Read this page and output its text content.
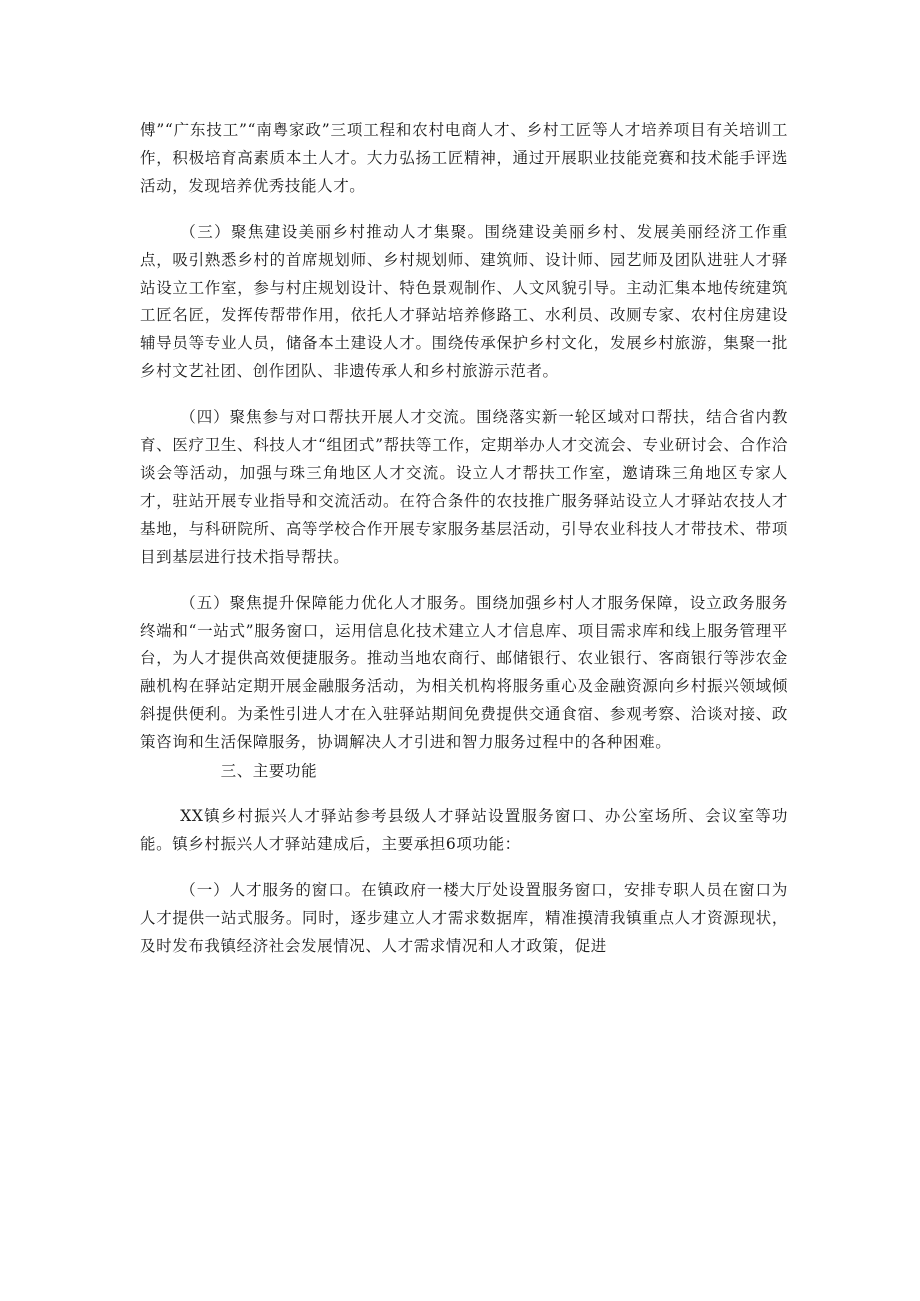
傅”“广东技工”“南粤家政”三项工程和农村电商人才、乡村工匠等人才培养项目有关培训工作，积极培育高素质本土人才。大力弘扬工匠精神，通过开展职业技能竞赛和技术能手评选活动，发现培养优秀技能人才。

（三）聚焦建设美丽乡村推动人才集聚。围绕建设美丽乡村、发展美丽经济工作重点，吸引熟悉乡村的首席规划师、乡村规划师、建筑师、设计师、园艺师及团队进驻人才驿站设立工作室，参与村庄规划设计、特色景观制作、人文风貌引导。主动汇集本地传统建筑工匠名匠，发挥传帮带作用，依托人才驿站培养修路工、水利员、改厕专家、农村住房建设辅导员等专业人员，储备本土建设人才。围绕传承保护乡村文化，发展乡村旅游，集聚一批乡村文艺社团、创作团队、非遗传承人和乡村旅游示范者。

（四）聚焦参与对口帮扶开展人才交流。围绕落实新一轮区域对口帮扶，结合省内教育、医疗卫生、科技人才“组团式”帮扶等工作，定期举办人才交流会、专业研讨会、合作洽谈会等活动，加强与珠三角地区人才交流。设立人才帮扶工作室，邀请珠三角地区专家人才，驻站开展专业指导和交流活动。在符合条件的农技推广服务驿站设立人才驿站农技人才基地，与科研院所、高等学校合作开展专家服务基层活动，引导农业科技人才带技术、带项目到基层进行技术指导帮扶。

（五）聚焦提升保障能力优化人才服务。围绕加强乡村人才服务保障，设立政务服务终端和“一站式”服务窗口，运用信息化技术建立人才信息库、项目需求库和线上服务管理平台，为人才提供高效便捷服务。推动当地农商行、邮储银行、农业银行、客商银行等涉农金融机构在驿站定期开展金融服务活动，为相关机构将服务重心及金融资源向乡村振兴领域倾斜提供便利。为柔性引进人才在入驻驿站期间免费提供交通食宿、参观考察、洽谈对接、政策咨询和生活保障服务，协调解决人才引进和智力服务过程中的各种困难。

三、主要功能

XX镇乡村振兴人才驿站参考县级人才驿站设置服务窗口、办公室场所、会议室等功能。镇乡村振兴人才驿站建成后，主要承担6项功能：

（一）人才服务的窗口。在镇政府一楼大厅处设置服务窗口，安排专职人员在窗口为人才提供一站式服务。同时，逐步建立人才需求数据库，精准摸清我镇重点人才资源现状，及时发布我镇经济社会发展情况、人才需求情况和人才政策，促进
